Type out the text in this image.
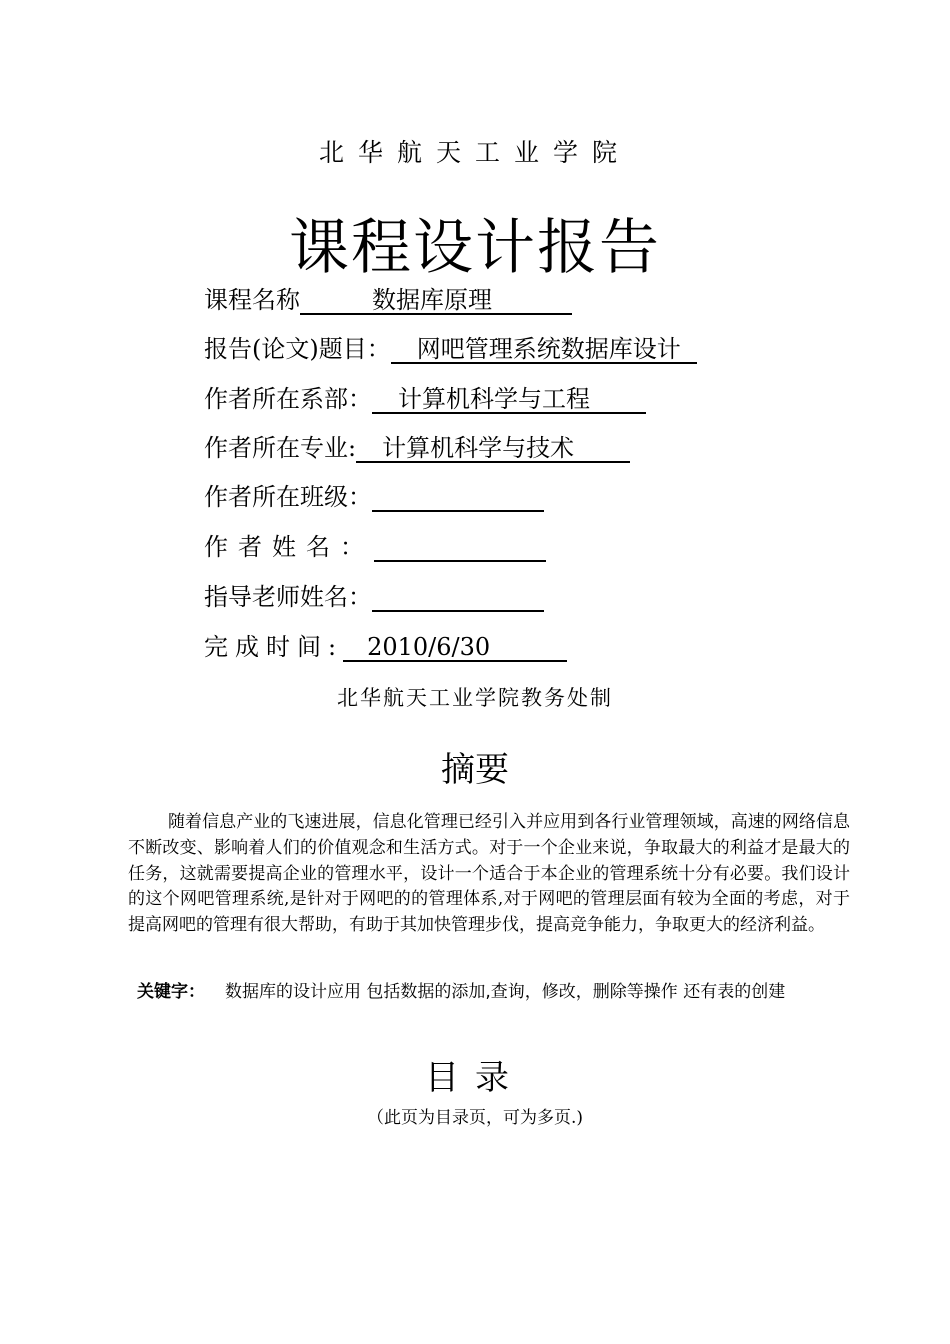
北华航天工业学院
课程设计报告
课程名称	数据库原理
报告(论文)题目： 网吧管理系统数据库设计
作者所在系部： 计算机科学与工程
作者所在专业: 计算机科学与技术
作者所在班级：
作者姓名：
指导老师姓名：
完成时间: 2010/6/30
北华航天工业学院教务处制
摘要
随着信息产业的飞速进展，信息化管理已经引入并应用到各行业管理领域，高速的网络信息不断改变、影响着人们的价值观念和生活方式。对于一个企业来说，争取最大的利益才是最大的任务，这就需要提高企业的管理水平，设计一个适合于本企业的管理系统十分有必要。我们设计的这个网吧管理系统,是针对于网吧的的管理体系,对于网吧的管理层面有较为全面的考虑，对于提高网吧的管理有很大帮助，有助于其加快管理步伐，提高竞争能力，争取更大的经济利益。
关键字： 数据库的设计应用 包括数据的添加,查询，修改，删除等操作 还有表的创建
目录
（此页为目录页，可为多页.)
